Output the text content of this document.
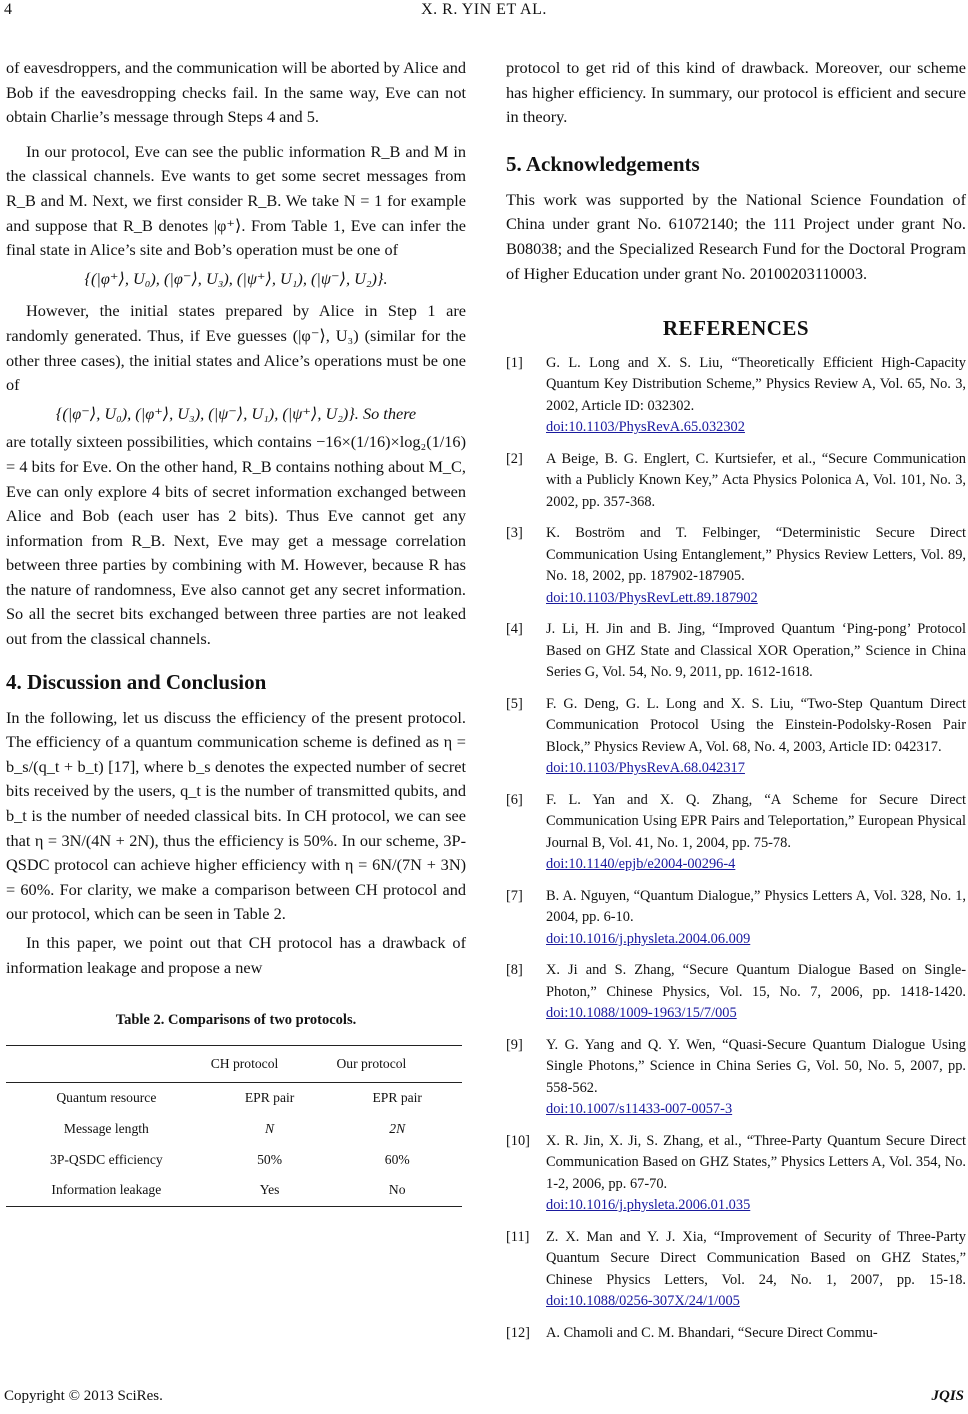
4	X. R. YIN ET AL.

of eavesdroppers, and the communication will be aborted by Alice and Bob if the eavesdropping checks fail. In the same way, Eve can not obtain Charlie’s message through Steps 4 and 5.

In our protocol, Eve can see the public information R_B and M in the classical channels. Eve wants to get some secret messages from R_B and M. Next, we first consider R_B. We take N = 1 for example and suppose that R_B denotes |φ⁺⟩. From Table 1, Eve can infer the final state in Alice’s site and Bob’s operation must be one of

{(|φ⁺⟩, U₀), (|φ⁻⟩, U₃), (|ψ⁺⟩, U₁), (|ψ⁻⟩, U₂)}.

However, the initial states prepared by Alice in Step 1 are randomly generated. Thus, if Eve guesses (|φ⁻⟩, U₃) (similar for the other three cases), the initial states and Alice’s operations must be one of

{(|φ⁻⟩, U₀), (|φ⁺⟩, U₃), (|ψ⁻⟩, U₁), (|ψ⁺⟩, U₂)}. So there

are totally sixteen possibilities, which contains −16×(1/16)×log₂(1/16) = 4 bits for Eve. On the other hand, R_B contains nothing about M_C, Eve can only explore 4 bits of secret information exchanged between Alice and Bob (each user has 2 bits). Thus Eve cannot get any information from R_B. Next, Eve may get a message correlation between three parties by combining with M. However, because R has the nature of randomness, Eve also cannot get any secret information. So all the secret bits exchanged between three parties are not leaked out from the classical channels.

4. Discussion and Conclusion

In the following, let us discuss the efficiency of the present protocol. The efficiency of a quantum communication scheme is defined as η = b_s/(q_t + b_t) [17], where b_s denotes the expected number of secret bits received by the users, q_t is the number of transmitted qubits, and b_t is the number of needed classical bits. In CH protocol, we can see that η = 3N/(4N + 2N), thus the efficiency is 50%. In our scheme, 3P-QSDC protocol can achieve higher efficiency with η = 6N/(7N + 3N) = 60%. For clarity, we make a comparison between CH protocol and our protocol, which can be seen in Table 2.

In this paper, we point out that CH protocol has a drawback of information leakage and propose a new

Table 2. Comparisons of two protocols.
	CH protocol	Our protocol
Quantum resource	EPR pair	EPR pair
Message length	N	2N
3P-QSDC efficiency	50%	60%
Information leakage	Yes	No

protocol to get rid of this kind of drawback. Moreover, our scheme has higher efficiency. In summary, our protocol is efficient and secure in theory.

5. Acknowledgements

This work was supported by the National Science Foundation of China under grant No. 61072140; the 111 Project under grant No. B08038; and the Specialized Research Fund for the Doctoral Program of Higher Education under grant No. 20100203110003.

REFERENCES
[1]	G. L. Long and X. S. Liu, “Theoretically Efficient High-Capacity Quantum Key Distribution Scheme,” Physics Review A, Vol. 65, No. 3, 2002, Article ID: 032302.
doi:10.1103/PhysRevA.65.032302
[2]	A Beige, B. G. Englert, C. Kurtsiefer, et al., “Secure Communication with a Publicly Known Key,” Acta Physics Polonica A, Vol. 101, No. 3, 2002, pp. 357-368.
[3]	K. Boström and T. Felbinger, “Deterministic Secure Direct Communication Using Entanglement,” Physics Review Letters, Vol. 89, No. 18, 2002, pp. 187902-187905.
doi:10.1103/PhysRevLett.89.187902
[4]	J. Li, H. Jin and B. Jing, “Improved Quantum ‘Ping-pong’ Protocol Based on GHZ State and Classical XOR Operation,” Science in China Series G, Vol. 54, No. 9, 2011, pp. 1612-1618.
[5]	F. G. Deng, G. L. Long and X. S. Liu, “Two-Step Quantum Direct Communication Protocol Using the Einstein-Podolsky-Rosen Pair Block,” Physics Review A, Vol. 68, No. 4, 2003, Article ID: 042317.
doi:10.1103/PhysRevA.68.042317
[6]	F. L. Yan and X. Q. Zhang, “A Scheme for Secure Direct Communication Using EPR Pairs and Teleportation,” European Physical Journal B, Vol. 41, No. 1, 2004, pp. 75-78.
doi:10.1140/epjb/e2004-00296-4
[7]	B. A. Nguyen, “Quantum Dialogue,” Physics Letters A, Vol. 328, No. 1, 2004, pp. 6-10.
doi:10.1016/j.physleta.2004.06.009
[8]	X. Ji and S. Zhang, “Secure Quantum Dialogue Based on Single-Photon,” Chinese Physics, Vol. 15, No. 7, 2006, pp. 1418-1420. doi:10.1088/1009-1963/15/7/005
[9]	Y. G. Yang and Q. Y. Wen, “Quasi-Secure Quantum Dialogue Using Single Photons,” Science in China Series G, Vol. 50, No. 5, 2007, pp. 558-562.
doi:10.1007/s11433-007-0057-3
[10]	X. R. Jin, X. Ji, S. Zhang, et al., “Three-Party Quantum Secure Direct Communication Based on GHZ States,” Physics Letters A, Vol. 354, No. 1-2, 2006, pp. 67-70.
doi:10.1016/j.physleta.2006.01.035
[11]	Z. X. Man and Y. J. Xia, “Improvement of Security of Three-Party Quantum Secure Direct Communication Based on GHZ States,” Chinese Physics Letters, Vol. 24, No. 1, 2007, pp. 15-18. doi:10.1088/0256-307X/24/1/005
[12]	A. Chamoli and C. M. Bhandari, “Secure Direct Commu-
Copyright © 2013 SciRes.	JQIS
